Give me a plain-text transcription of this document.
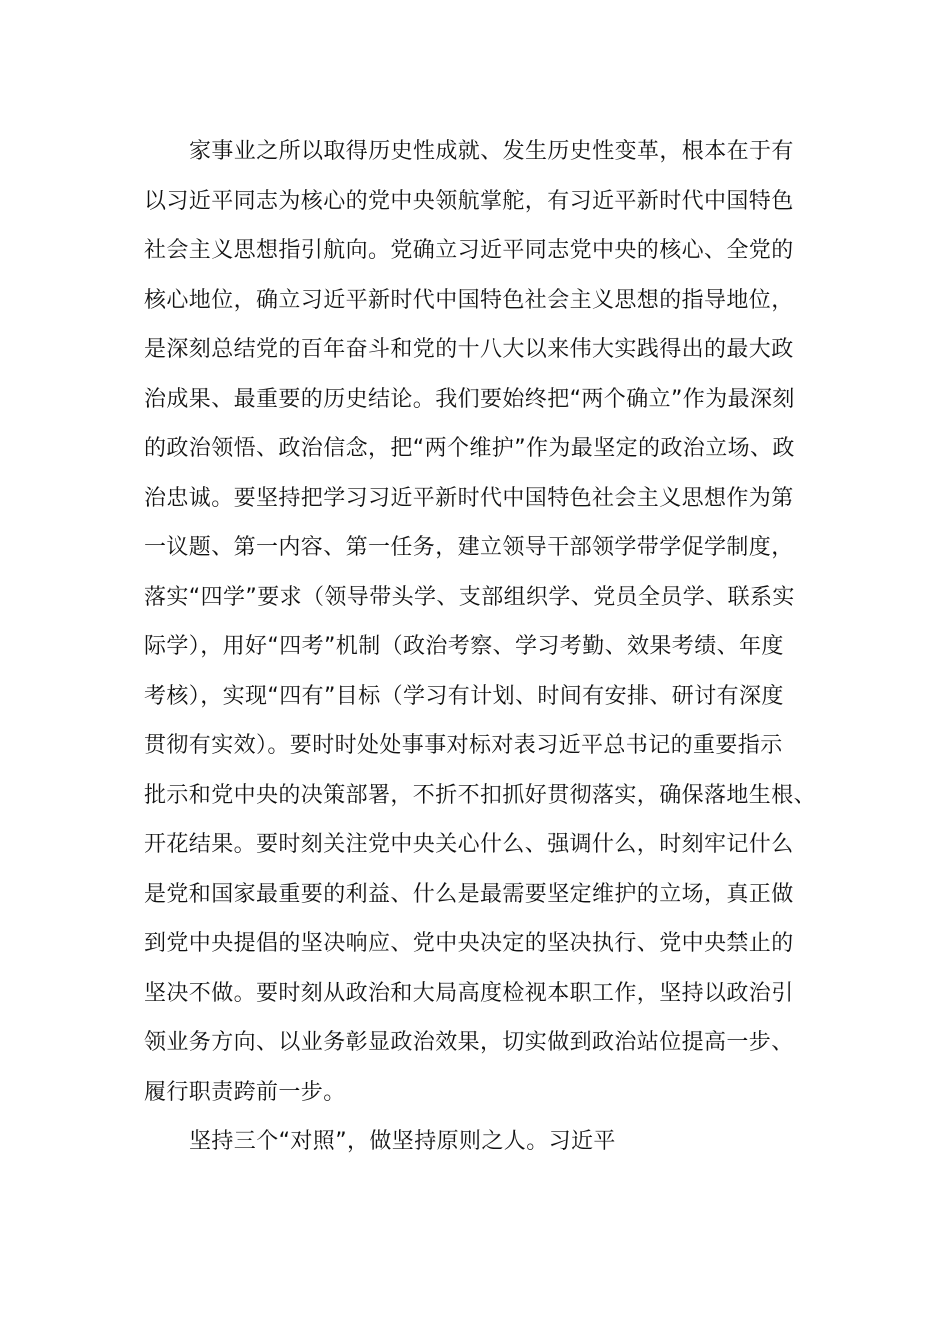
家事业之所以取得历史性成就、发生历史性变革，根本在于有
以习近平同志为核心的党中央领航掌舵，有习近平新时代中国特色
社会主义思想指引航向。党确立习近平同志党中央的核心、全党的
核心地位，确立习近平新时代中国特色社会主义思想的指导地位，
是深刻总结党的百年奋斗和党的十八大以来伟大实践得出的最大政
治成果、最重要的历史结论。我们要始终把“两个确立”作为最深刻
的政治领悟、政治信念，把“两个维护”作为最坚定的政治立场、政
治忠诚。要坚持把学习习近平新时代中国特色社会主义思想作为第
一议题、第一内容、第一任务，建立领导干部领学带学促学制度，
落实“四学”要求（领导带头学、支部组织学、党员全员学、联系实
际学），用好“四考”机制（政治考察、学习考勤、效果考绩、年度
考核），实现“四有”目标（学习有计划、时间有安排、研讨有深度
贯彻有实效）。要时时处处事事对标对表习近平总书记的重要指示
批示和党中央的决策部署，不折不扣抓好贯彻落实，确保落地生根、
开花结果。要时刻关注党中央关心什么、强调什么，时刻牢记什么
是党和国家最重要的利益、什么是最需要坚定维护的立场，真正做
到党中央提倡的坚决响应、党中央决定的坚决执行、党中央禁止的
坚决不做。要时刻从政治和大局高度检视本职工作，坚持以政治引
领业务方向、以业务彰显政治效果，切实做到政治站位提高一步、
履行职责跨前一步。
坚持三个“对照”，做坚持原则之人。习近平
